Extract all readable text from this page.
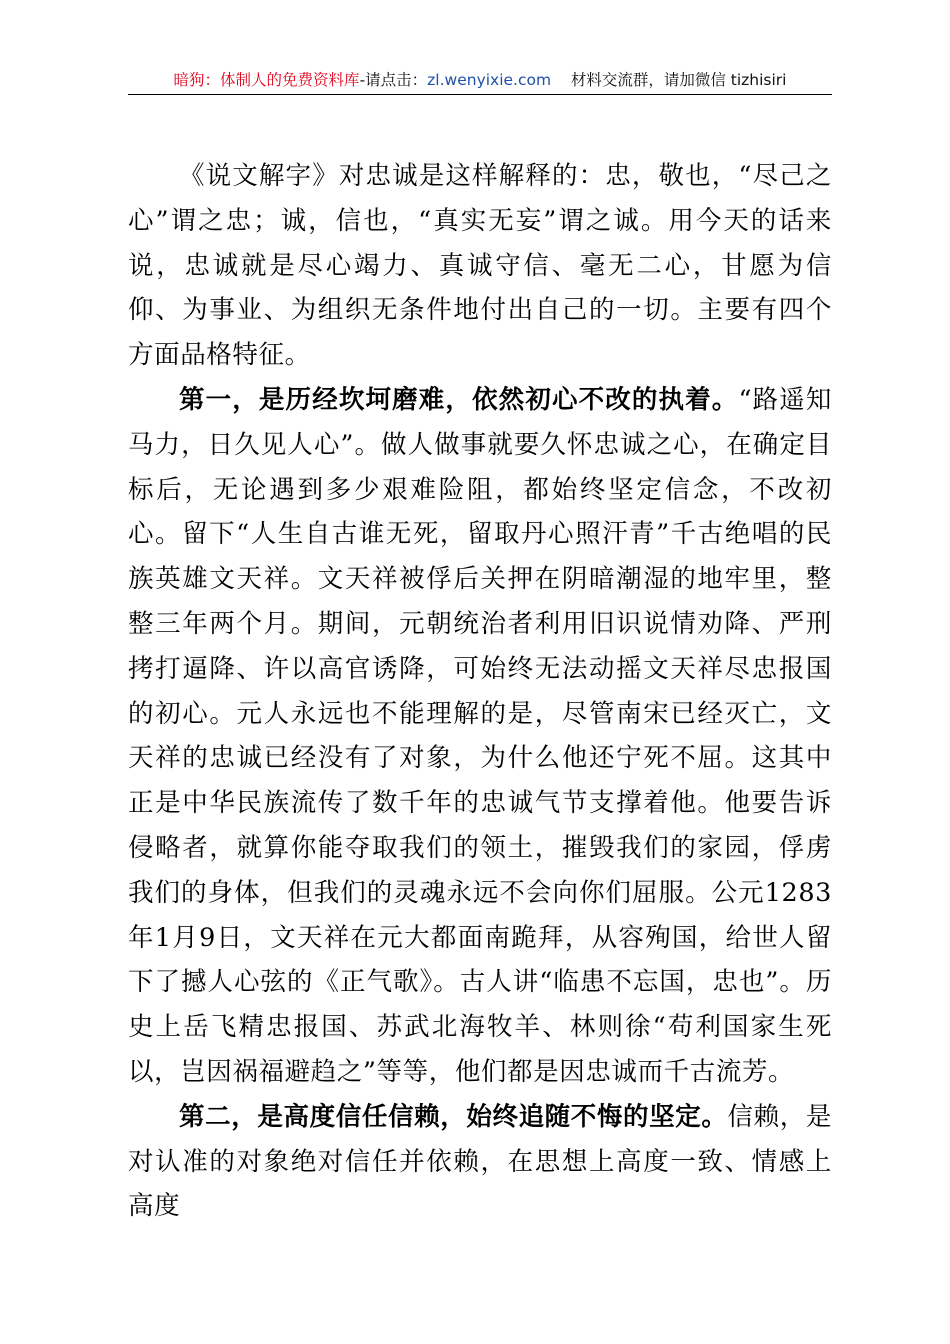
暗狗：体制人的免费资料库-请点击：zl.wenyixie.com 材料交流群，请加微信 tizhisiri

《说文解字》对忠诚是这样解释的：忠，敬也，“尽己之心”谓之忠；诚，信也，“真实无妄”谓之诚。用今天的话来说，忠诚就是尽心竭力、真诚守信、毫无二心，甘愿为信仰、为事业、为组织无条件地付出自己的一切。主要有四个方面品格特征。

第一，是历经坎坷磨难，依然初心不改的执着。“路遥知马力，日久见人心”。做人做事就要久怀忠诚之心，在确定目标后，无论遇到多少艰难险阻，都始终坚定信念，不改初心。留下“人生自古谁无死，留取丹心照汗青”千古绝唱的民族英雄文天祥。文天祥被俘后关押在阴暗潮湿的地牢里，整整三年两个月。期间，元朝统治者利用旧识说情劝降、严刑拷打逼降、许以高官诱降，可始终无法动摇文天祥尽忠报国的初心。元人永远也不能理解的是，尽管南宋已经灭亡，文天祥的忠诚已经没有了对象，为什么他还宁死不屈。这其中正是中华民族流传了数千年的忠诚气节支撑着他。他要告诉侵略者，就算你能夺取我们的领土，摧毁我们的家园，俘虏我们的身体，但我们的灵魂永远不会向你们屈服。公元1283年1月9日，文天祥在元大都面南跪拜，从容殉国，给世人留下了撼人心弦的《正气歌》。古人讲“临患不忘国，忠也”。历史上岳飞精忠报国、苏武北海牧羊、林则徐“苟利国家生死以，岂因祸福避趋之”等等，他们都是因忠诚而千古流芳。

第二，是高度信任信赖，始终追随不悔的坚定。信赖，是对认准的对象绝对信任并依赖，在思想上高度一致、情感上高度
